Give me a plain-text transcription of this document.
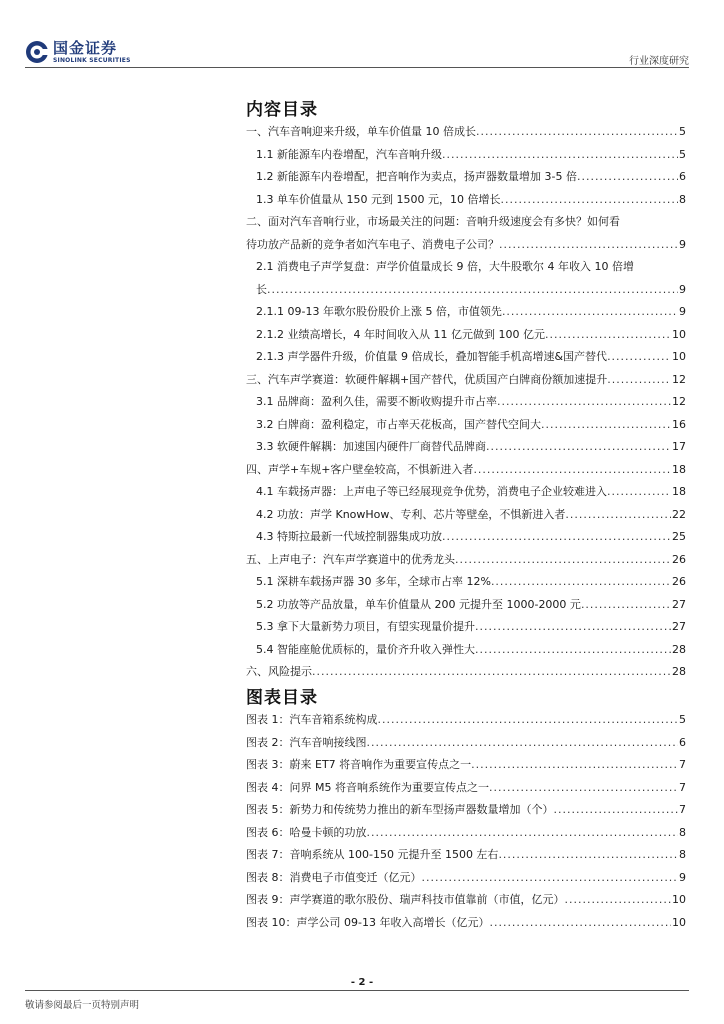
国金证券
SINOLINK SECURITIES	行业深度研究
内容目录
一、汽车音响迎来升级，单车价值量 10 倍成长 .....	5
1.1 新能源车内卷增配，汽车音响升级 .....	5
1.2 新能源车内卷增配，把音响作为卖点，扬声器数量增加 3-5 倍 .....	6
1.3 单车价值量从 150 元到 1500 元，10 倍增长 .....	8
二、面对汽车音响行业，市场最关注的问题：音响升级速度会有多快？如何看
待功放产品新的竞争者如汽车电子、消费电子公司？ .....	9
2.1 消费电子声学复盘：声学价值量成长 9 倍，大牛股歌尔 4 年收入 10 倍增
长 .....	9
2.1.1 09-13 年歌尔股份股价上涨 5 倍，市值领先 .....	9
2.1.2 业绩高增长，4 年时间收入从 11 亿元做到 100 亿元 .....	10
2.1.3 声学器件升级，价值量 9 倍成长，叠加智能手机高增速&国产替代 .....	10
三、汽车声学赛道：软硬件解耦+国产替代，优质国产白牌商份额加速提升 .....	12
3.1 品牌商：盈利久佳，需要不断收购提升市占率 .....	12
3.2 白牌商：盈利稳定，市占率天花板高，国产替代空间大 .....	16
3.3 软硬件解耦：加速国内硬件厂商替代品牌商 .....	17
四、声学+车规+客户壁垒较高，不惧新进入者 .....	18
4.1 车载扬声器：上声电子等已经展现竞争优势，消费电子企业较难进入 .....	18
4.2 功放：声学 KnowHow、专利、芯片等壁垒，不惧新进入者 .....	22
4.3 特斯拉最新一代域控制器集成功放 .....	25
五、上声电子：汽车声学赛道中的优秀龙头 .....	26
5.1 深耕车载扬声器 30 多年，全球市占率 12% .....	26
5.2 功放等产品放量，单车价值量从 200 元提升至 1000-2000 元 .....	27
5.3 拿下大量新势力项目，有望实现量价提升 .....	27
5.4 智能座舱优质标的，量价齐升收入弹性大 .....	28
六、风险提示 .....	28
图表目录
图表 1：汽车音箱系统构成 .....	5
图表 2：汽车音响接线图 .....	6
图表 3：蔚来 ET7 将音响作为重要宣传点之一 .....	7
图表 4：问界 M5 将音响系统作为重要宣传点之一 .....	7
图表 5：新势力和传统势力推出的新车型扬声器数量增加（个） .....	7
图表 6：哈曼卡顿的功放 .....	8
图表 7：音响系统从 100-150 元提升至 1500 左右 .....	8
图表 8：消费电子市值变迁（亿元） .....	9
图表 9：声学赛道的歌尔股份、瑞声科技市值靠前（市值，亿元） .....	10
图表 10：声学公司 09-13 年收入高增长（亿元） .....	10
- 2 -
敬请参阅最后一页特别声明
